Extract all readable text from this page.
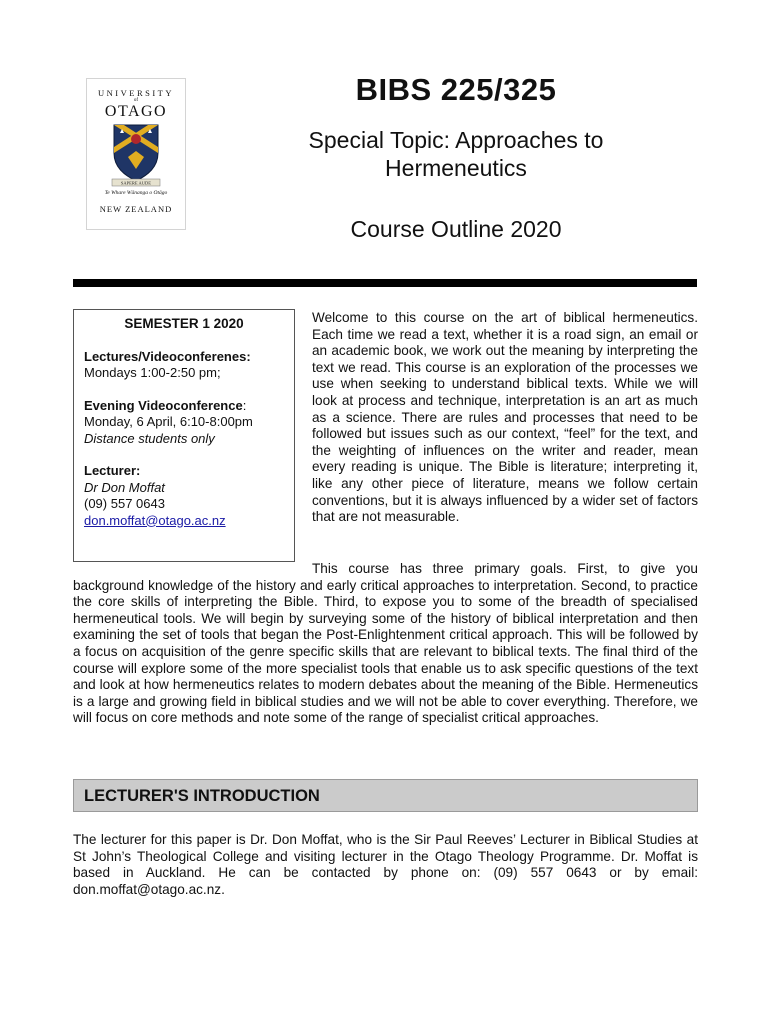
UNIVERSITY
of
OTAGO
SAPERE AUDE
Te Whare Wānanga o Otāgo
NEW ZEALAND
BIBS 225/325
Special Topic: Approaches to
Hermeneutics
Course Outline 2020
SEMESTER 1 2020
Lectures/Videoconferenes:
Mondays 1:00-2:50 pm;
Evening Videoconference:
Monday, 6 April, 6:10-8:00pm
Distance students only
Lecturer:
Dr Don Moffat
(09) 557 0643
don.moffat@otago.ac.nz
Welcome to this course on the art of biblical hermeneutics. Each time we read a text, whether it is a road sign, an email or an academic book, we work out the meaning by interpreting the text we read. This course is an exploration of the processes we use when seeking to understand biblical texts. While we will look at process and technique, interpretation is an art as much as a science. There are rules and processes that need to be followed but issues such as our context, “feel” for the text, and the weighting of influences on the writer and reader, mean every reading is unique. The Bible is literature; interpreting it, like any other piece of literature, means we follow certain conventions, but it is always influenced by a wider set of factors that are not measurable.
This course has three primary goals. First, to give you background knowledge of the history and early critical approaches to interpretation. Second, to practice the core skills of interpreting the Bible. Third, to expose you to some of the breadth of specialised hermeneutical tools. We will begin by surveying some of the history of biblical interpretation and then examining the set of tools that began the Post-Enlightenment critical approach. This will be followed by a focus on acquisition of the genre specific skills that are relevant to biblical texts. The final third of the course will explore some of the more specialist tools that enable us to ask specific questions of the text and look at how hermeneutics relates to modern debates about the meaning of the Bible. Hermeneutics is a large and growing field in biblical studies and we will not be able to cover everything. Therefore, we will focus on core methods and note some of the range of specialist critical approaches.
LECTURER'S INTRODUCTION
The lecturer for this paper is Dr. Don Moffat, who is the Sir Paul Reeves’ Lecturer in Biblical Studies at St John’s Theological College and visiting lecturer in the Otago Theology Programme. Dr. Moffat is based in Auckland. He can be contacted by phone on: (09) 557 0643 or by email: don.moffat@otago.ac.nz.
